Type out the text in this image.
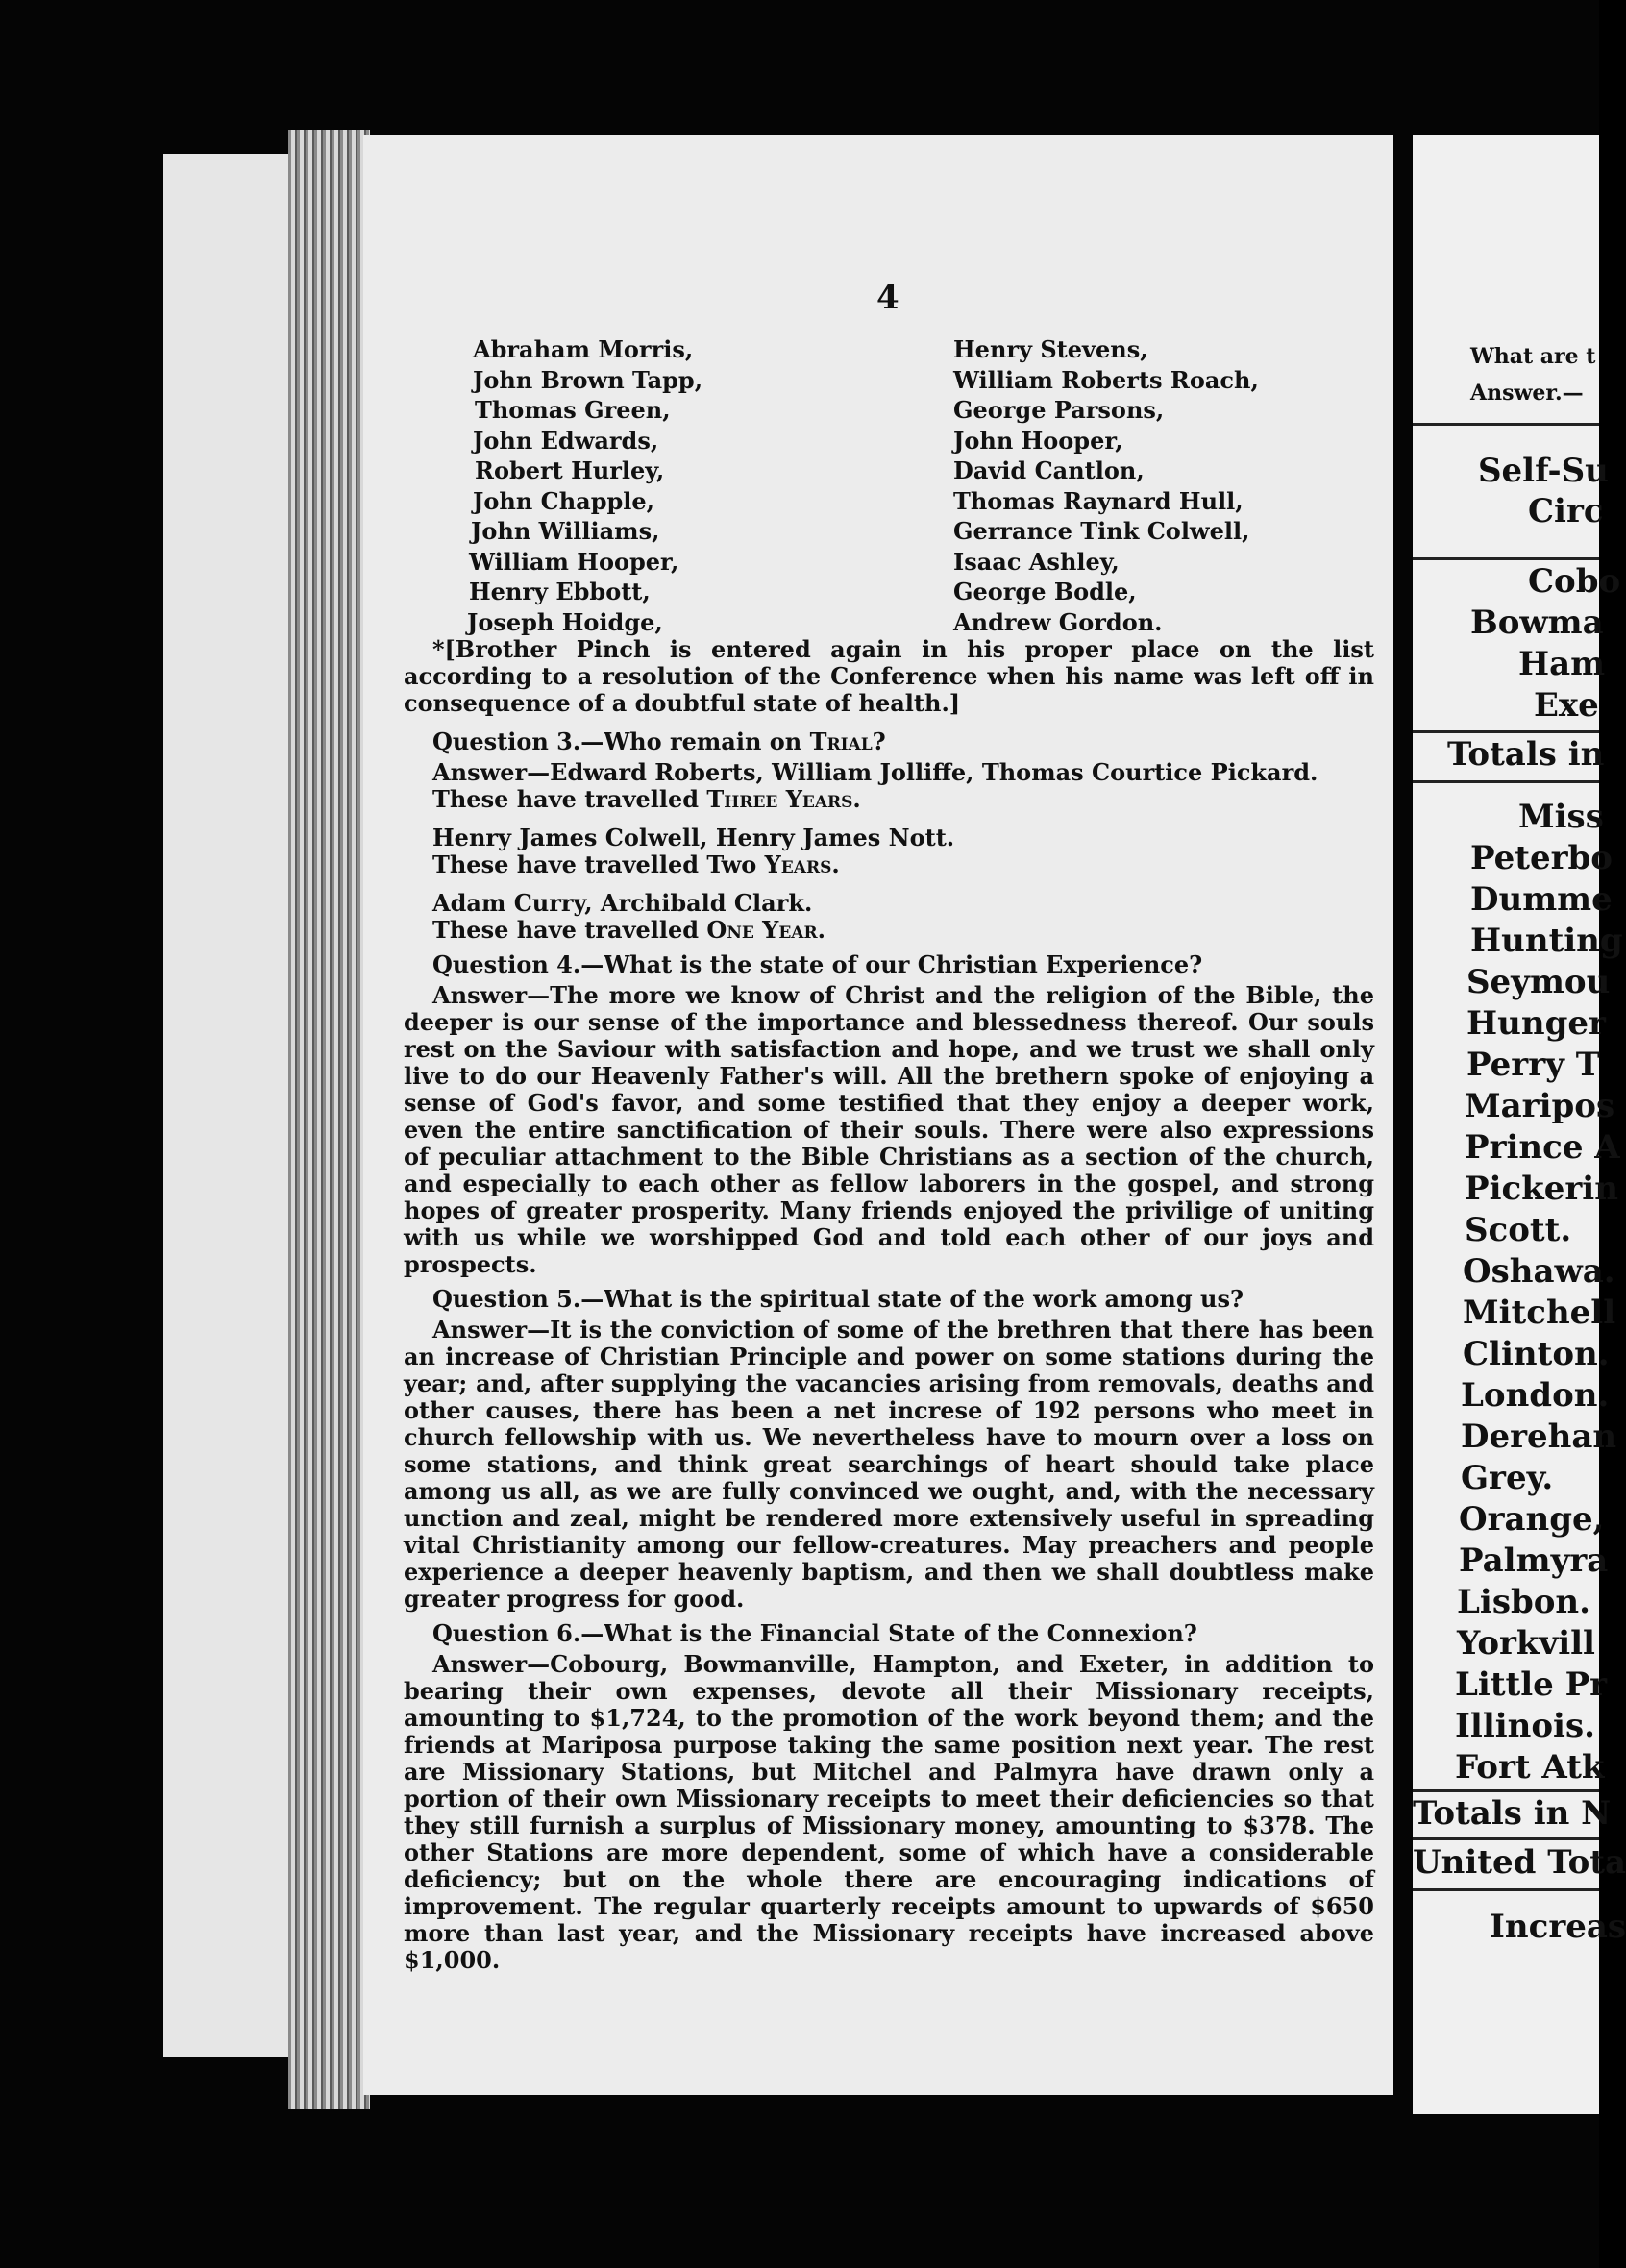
4
Abraham Morris,
John Brown Tapp,
Thomas Green,
John Edwards,
Robert Hurley,
John Chapple,
John Williams,
William Hooper,
Henry Ebbott,
Joseph Hoidge,
Henry Stevens,
William Roberts Roach,
George Parsons,
John Hooper,
David Cantlon,
Thomas Raynard Hull,
Gerrance Tink Colwell,
Isaac Ashley,
George Bodle,
Andrew Gordon.

*[Brother Pinch is entered again in his proper place on the list according to a resolution of the Conference when his name was left off in consequence of a doubtful state of health.]

Question 3.—Who remain on Trial?

Answer—Edward Roberts, William Jolliffe, Thomas Courtice Pickard.

These have travelled Three Years.

Henry James Colwell, Henry James Nott.

These have travelled Two Years.

Adam Curry, Archibald Clark.

These have travelled One Year.

Question 4.—What is the state of our Christian Experience?

Answer—The more we know of Christ and the religion of the Bible, the deeper is our sense of the importance and blessedness thereof. Our souls rest on the Saviour with satisfaction and hope, and we trust we shall only live to do our Heavenly Father's will. All the brethern spoke of enjoying a sense of God's favor, and some testified that they enjoy a deeper work, even the entire sanctification of their souls. There were also expressions of peculiar attachment to the Bible Christians as a section of the church, and especially to each other as fellow laborers in the gospel, and strong hopes of greater prosperity. Many friends enjoyed the privilige of uniting with us while we worshipped God and told each other of our joys and prospects.

Question 5.—What is the spiritual state of the work among us?

Answer—It is the conviction of some of the brethren that there has been an increase of Christian Principle and power on some stations during the year; and, after supplying the vacancies arising from removals, deaths and other causes, there has been a net increse of 192 persons who meet in church fellowship with us. We nevertheless have to mourn over a loss on some stations, and think great searchings of heart should take place among us all, as we are fully convinced we ought, and, with the necessary unction and zeal, might be rendered more extensively useful in spreading vital Christianity among our fellow-creatures. May preachers and people experience a deeper heavenly baptism, and then we shall doubtless make greater progress for good.

Question 6.—What is the Financial State of the Connexion?

Answer—Cobourg, Bowmanville, Hampton, and Exeter, in addition to bearing their own expenses, devote all their Missionary receipts, amounting to $1,724, to the promotion of the work beyond them; and the friends at Mariposa purpose taking the same position next year. The rest are Missionary Stations, but Mitchel and Palmyra have drawn only a portion of their own Missionary receipts to meet their deficiencies so that they still furnish a surplus of Missionary money, amounting to $378. The other Stations are more dependent, some of which have a considerable deficiency; but on the whole there are encouraging indications of improvement. The regular quarterly receipts amount to upwards of $650 more than last year, and the Missionary receipts have increased above $1,000.

What are t
Answer.—
Self-Su
Circ
Cobo
Bowma
Ham
Exe
Totals in
Miss
Peterbo
Dumme
Hunting
Seymou
Hunger
Perry T
Maripos
Prince A
Pickerin
Scott.
Oshawa.
Mitchell
Clinton.
London.
Derehan
Grey.
Orange,
Palmyra
Lisbon.
Yorkvill
Little Pr
Illinois.
Fort Atk
Totals in N
United Tota
Increas
